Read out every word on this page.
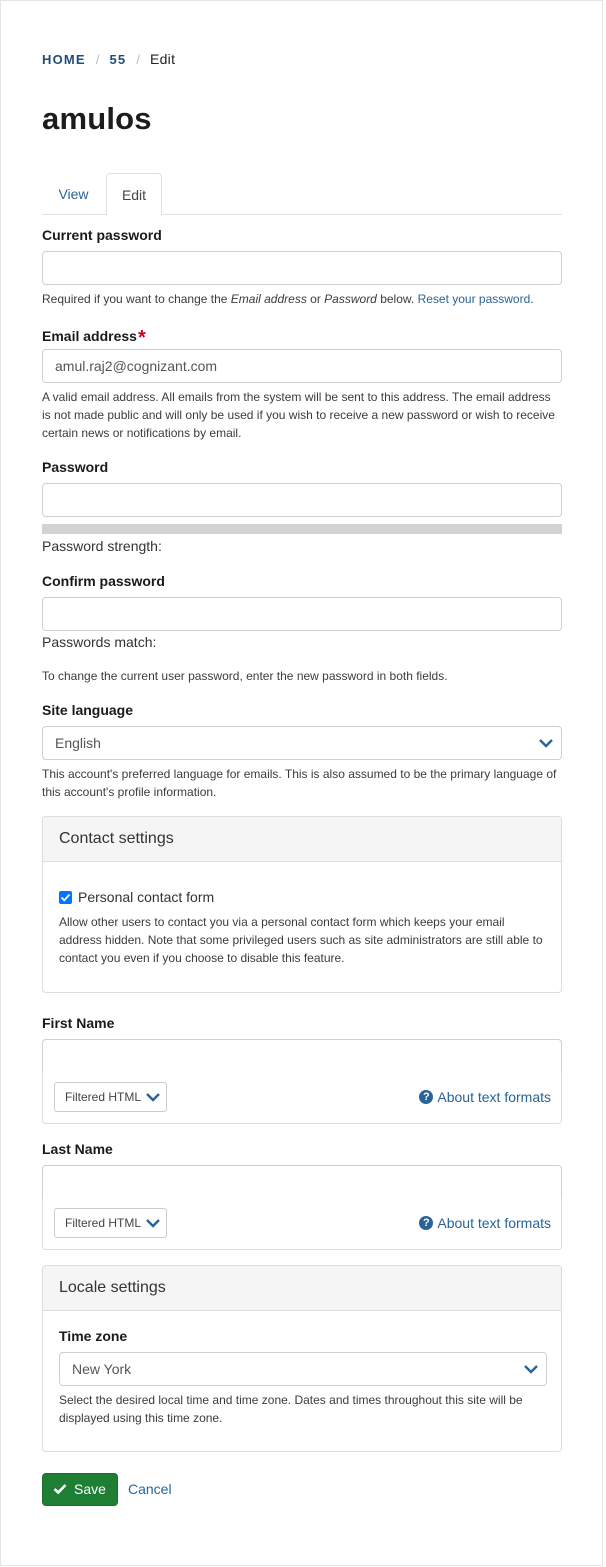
HOME / 55 / Edit
amulos
View	Edit
Current password
Required if you want to change the Email address or Password below. Reset your password.
Email address*
amul.raj2@cognizant.com
A valid email address. All emails from the system will be sent to this address. The email address is not made public and will only be used if you wish to receive a new password or wish to receive certain news or notifications by email.
Password
Password strength:
Confirm password
Passwords match:
To change the current user password, enter the new password in both fields.
Site language
English
This account's preferred language for emails. This is also assumed to be the primary language of this account's profile information.
Contact settings
Personal contact form
Allow other users to contact you via a personal contact form which keeps your email address hidden. Note that some privileged users such as site administrators are still able to contact you even if you choose to disable this feature.
First Name
Filtered HTML	? About text formats
Last Name
Filtered HTML	? About text formats
Locale settings
Time zone
New York
Select the desired local time and time zone. Dates and times throughout this site will be displayed using this time zone.
Save	Cancel
